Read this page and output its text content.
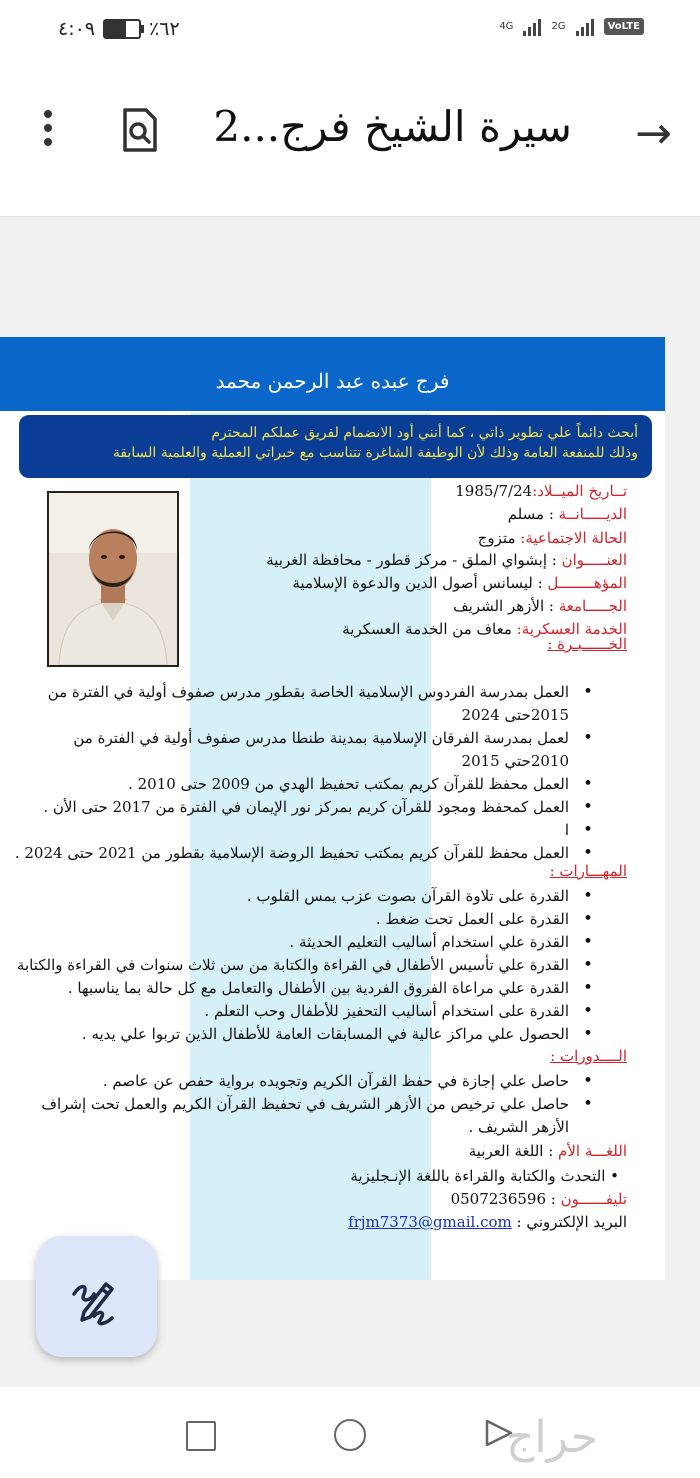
٤:٠٩	٪٦٢	4G	2G	VoLTE
سيرة الشيخ فرج...2 →
فرج عبده عبد الرحمن محمد
أبحث دائماً علي تطوير ذاتي ، كما أنني أود الانضمام لفريق عملكم المحترم
وذلك للمنفعة العامة وذلك لأن الوظيفة الشاغرة تتناسب مع خبراتي العملية والعلمية السابقة
تــاريخ الميــلاد:1985/7/24
الديـــــانــة : مسلم
الحالة الاجتماعية: متزوج
العنـــــوان : إبشواي الملق - مركز قطور - محافظة الغربية
المؤهــــــــل : ليسانس أصول الدين والدعوة الإسلامية
الجـــــامعة : الأزهر الشريف
الخدمة العسكرية: معاف من الخدمة العسكرية
الخــــــبـرة :
• العمل بمدرسة الفردوس الإسلامية الخاصة بقطور مدرس صفوف أولية في الفترة من 2015حتى 2024
• لعمل بمدرسة الفرقان الإسلامية بمدينة طنطا مدرس صفوف أولية في الفترة من 2010حتي 2015
• العمل محفظ للقرآن كريم بمكتب تحفيظ الهدي من 2009 حتى 2010 .
• العمل كمحفظ ومجود للقرآن كريم بمركز نور الإيمان في الفترة من 2017 حتى الأن .
• ا
• العمل محفظ للقرآن كريم بمكتب تحفيظ الروضة الإسلامية بقطور من 2021 حتى 2024 .
المهـــارات :
• القدرة على تلاوة القرآن بصوت عزب يمس القلوب .
• القدرة على العمل تحت ضغط .
• القدرة علي استخدام أساليب التعليم الحديثة .
• القدرة علي تأسيس الأطفال في القراءة والكتابة من سن ثلاث سنوات في القراءة والكتابة
• القدرة علي مراعاة الفروق الفردية بين الأطفال والتعامل مع كل حالة بما يناسبها .
• القدرة على استخدام أساليب التحفيز للأطفال وحب التعلم .
• الحصول علي مراكز عالية في المسابقات العامة للأطفال الذين تربوا علي يديه .
الــــدورات :
• حاصل علي إجازة في حفظ القرآن الكريم وتجويده برواية حفص عن عاصم .
• حاصل علي ترخيص من الأزهر الشريف في تحفيظ القرآن الكريم والعمل تحت إشراف الأزهر الشريف .
اللغـــة الأم : اللغة العربية
• التحدث والكتابة والقراءة باللغة الإنـجليزية
تليفــــــون : 0507236596
البريد الإلكتروني : frjm7373@gmail.com
حراج
